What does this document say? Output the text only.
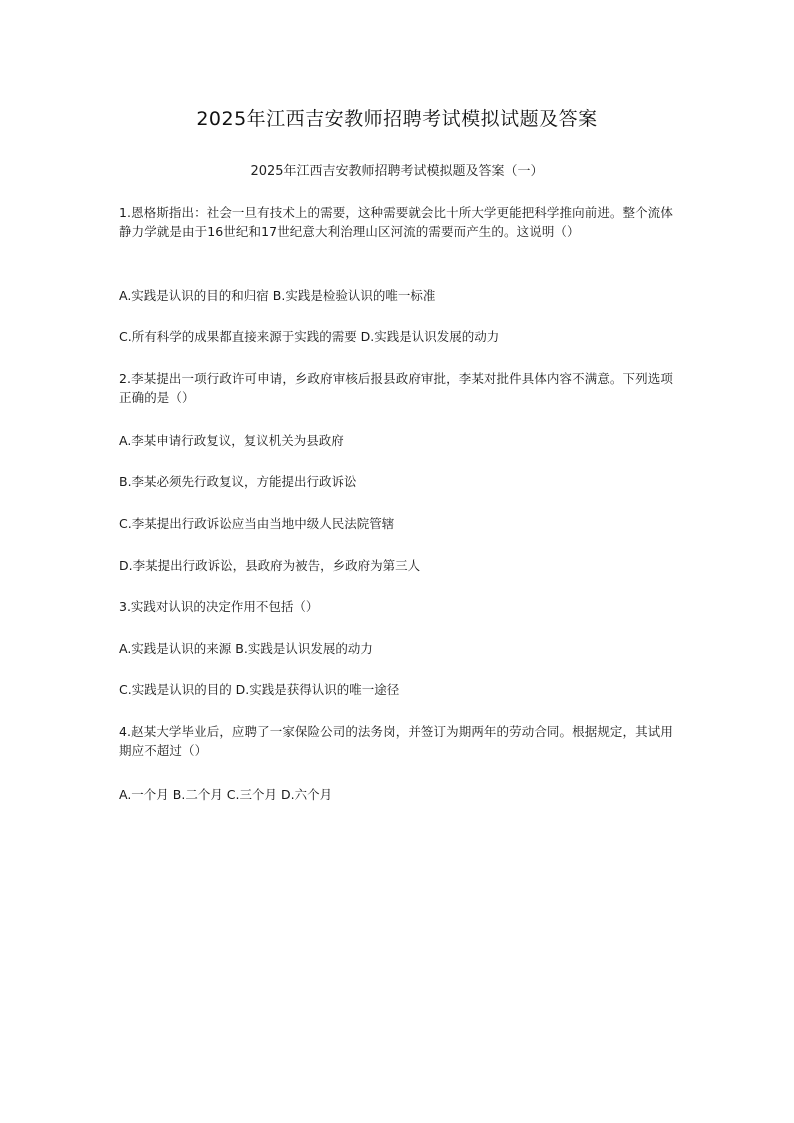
2025年江西吉安教师招聘考试模拟试题及答案
2025年江西吉安教师招聘考试模拟题及答案（一）
1.恩格斯指出：社会一旦有技术上的需要，这种需要就会比十所大学更能把科学推向前进。整个流体静力学就是由于16世纪和17世纪意大利治理山区河流的需要而产生的。这说明（）
A.实践是认识的目的和归宿 B.实践是检验认识的唯一标准
C.所有科学的成果都直接来源于实践的需要 D.实践是认识发展的动力
2.李某提出一项行政许可申请，乡政府审核后报县政府审批，李某对批件具体内容不满意。下列选项正确的是（）
A.李某申请行政复议，复议机关为县政府
B.李某必须先行政复议，方能提出行政诉讼
C.李某提出行政诉讼应当由当地中级人民法院管辖
D.李某提出行政诉讼，县政府为被告，乡政府为第三人
3.实践对认识的决定作用不包括（）
A.实践是认识的来源 B.实践是认识发展的动力
C.实践是认识的目的 D.实践是获得认识的唯一途径
4.赵某大学毕业后，应聘了一家保险公司的法务岗，并签订为期两年的劳动合同。根据规定，其试用期应不超过（）
A.一个月 B.二个月 C.三个月 D.六个月
